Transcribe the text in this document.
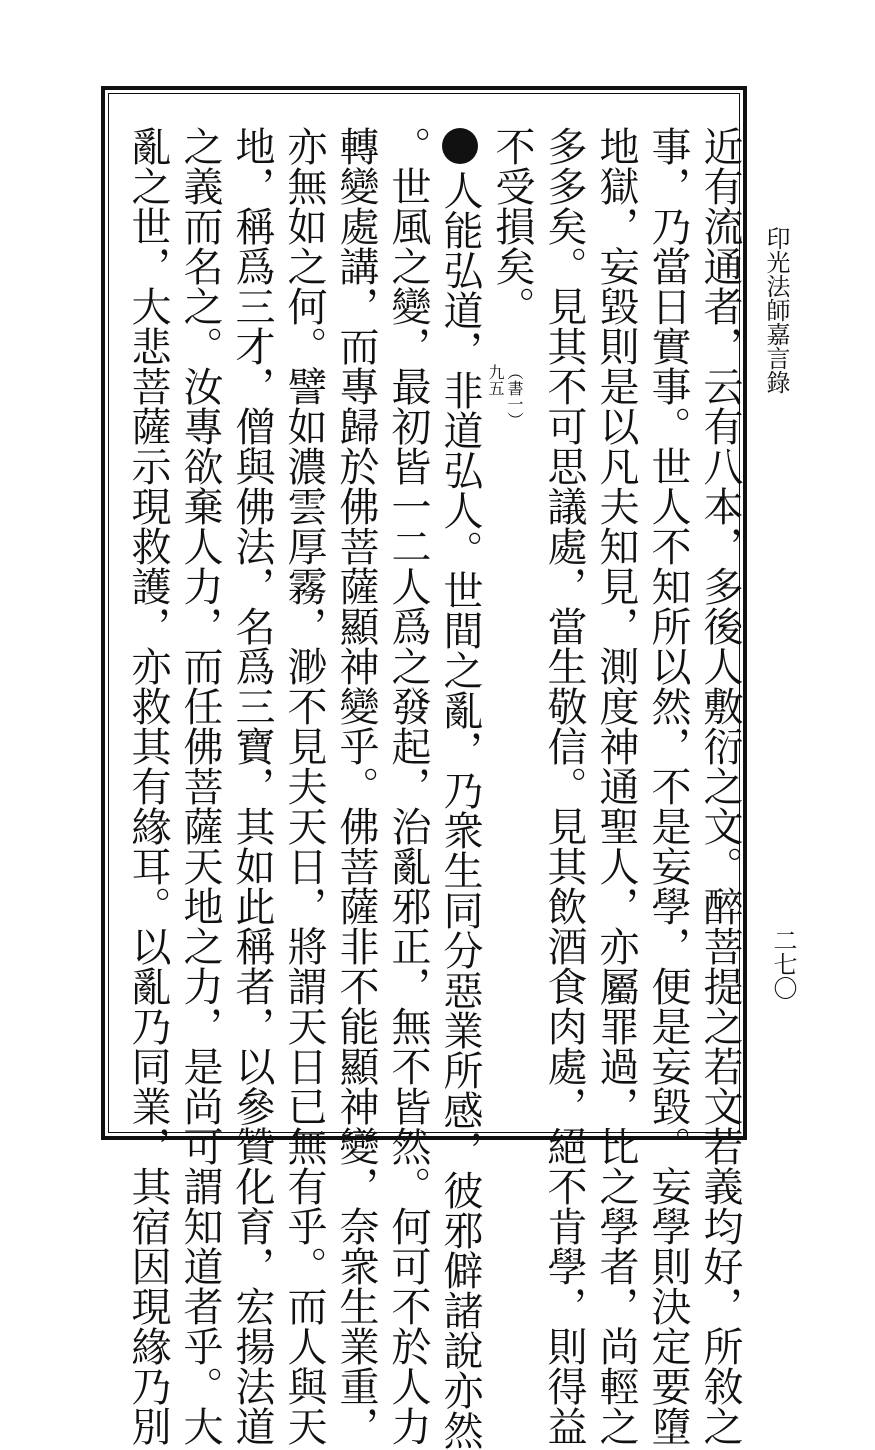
印光法師嘉言錄
二七〇
近有流通者，云有八本，多後人敷衍之文。醉菩提之若文若義均好，所敘之
事，乃當日實事。世人不知所以然，不是妄學，便是妄毀。妄學則決定要墮
地獄，妄毀則是以凡夫知見，測度神通聖人，亦屬罪過，比之學者，尚輕之
多多矣。見其不可思議處，當生敬信。見其飲酒食肉處，絕不肯學，則得益
不受損矣。
（書一）
九五
人能弘道，非道弘人。世間之亂，乃衆生同分惡業所感，彼邪僻諸說亦然
。世風之變，最初皆一二人爲之發起，治亂邪正，無不皆然。何可不於人力
轉變處講，而專歸於佛菩薩顯神變乎。佛菩薩非不能顯神變，奈衆生業重，
亦無如之何。譬如濃雲厚霧，渺不見夫天日，將謂天日已無有乎。而人與天
地，稱爲三才，僧與佛法，名爲三寶，其如此稱者，以參贊化育，宏揚法道
之義而名之。汝專欲棄人力，而任佛菩薩天地之力，是尚可謂知道者乎。大
亂之世，大悲菩薩示現救護，亦救其有緣耳。以亂乃同業，其宿因現緣乃別
